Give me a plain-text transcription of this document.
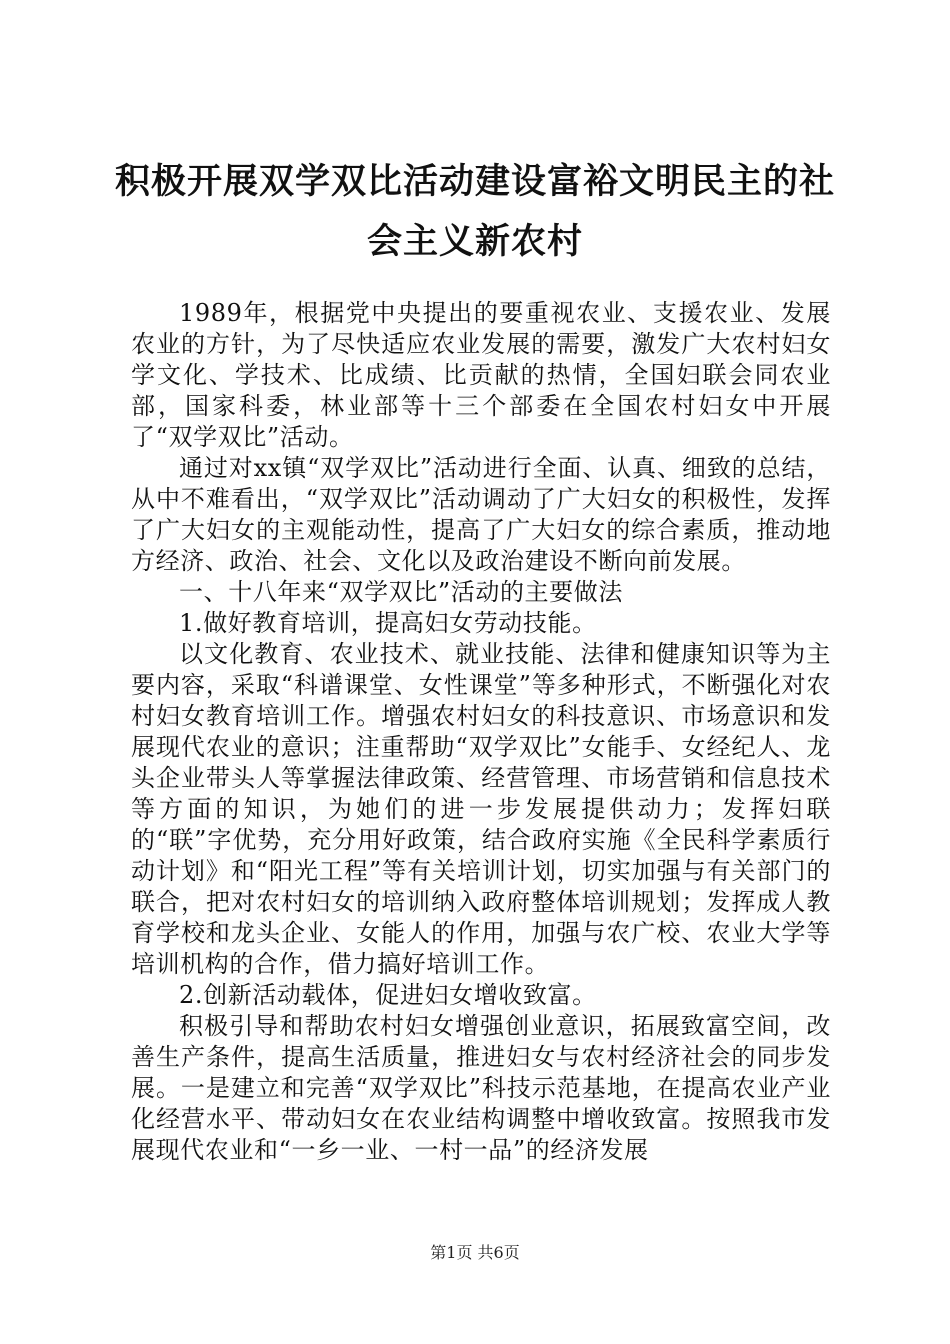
积极开展双学双比活动建设富裕文明民主的社
会主义新农村

1989年，根据党中央提出的要重视农业、支援农业、发展农业的方针，为了尽快适应农业发展的需要，激发广大农村妇女学文化、学技术、比成绩、比贡献的热情，全国妇联会同农业部，国家科委，林业部等十三个部委在全国农村妇女中开展了“双学双比”活动。

通过对xx镇“双学双比”活动进行全面、认真、细致的总结，从中不难看出，“双学双比”活动调动了广大妇女的积极性，发挥了广大妇女的主观能动性，提高了广大妇女的综合素质，推动地方经济、政治、社会、文化以及政治建设不断向前发展。

一、十八年来“双学双比”活动的主要做法

1.做好教育培训，提高妇女劳动技能。

以文化教育、农业技术、就业技能、法律和健康知识等为主要内容，采取“科谱课堂、女性课堂”等多种形式，不断强化对农村妇女教育培训工作。增强农村妇女的科技意识、市场意识和发展现代农业的意识；注重帮助“双学双比”女能手、女经纪人、龙头企业带头人等掌握法律政策、经营管理、市场营销和信息技术等方面的知识，为她们的进一步发展提供动力；发挥妇联的“联”字优势，充分用好政策，结合政府实施《全民科学素质行动计划》和“阳光工程”等有关培训计划，切实加强与有关部门的联合，把对农村妇女的培训纳入政府整体培训规划；发挥成人教育学校和龙头企业、女能人的作用，加强与农广校、农业大学等培训机构的合作，借力搞好培训工作。

2.创新活动载体，促进妇女增收致富。

积极引导和帮助农村妇女增强创业意识，拓展致富空间，改善生产条件，提高生活质量，推进妇女与农村经济社会的同步发展。一是建立和完善“双学双比”科技示范基地，在提高农业产业化经营水平、带动妇女在农业结构调整中增收致富。按照我市发展现代农业和“一乡一业、一村一品”的经济发展

第1页 共6页
